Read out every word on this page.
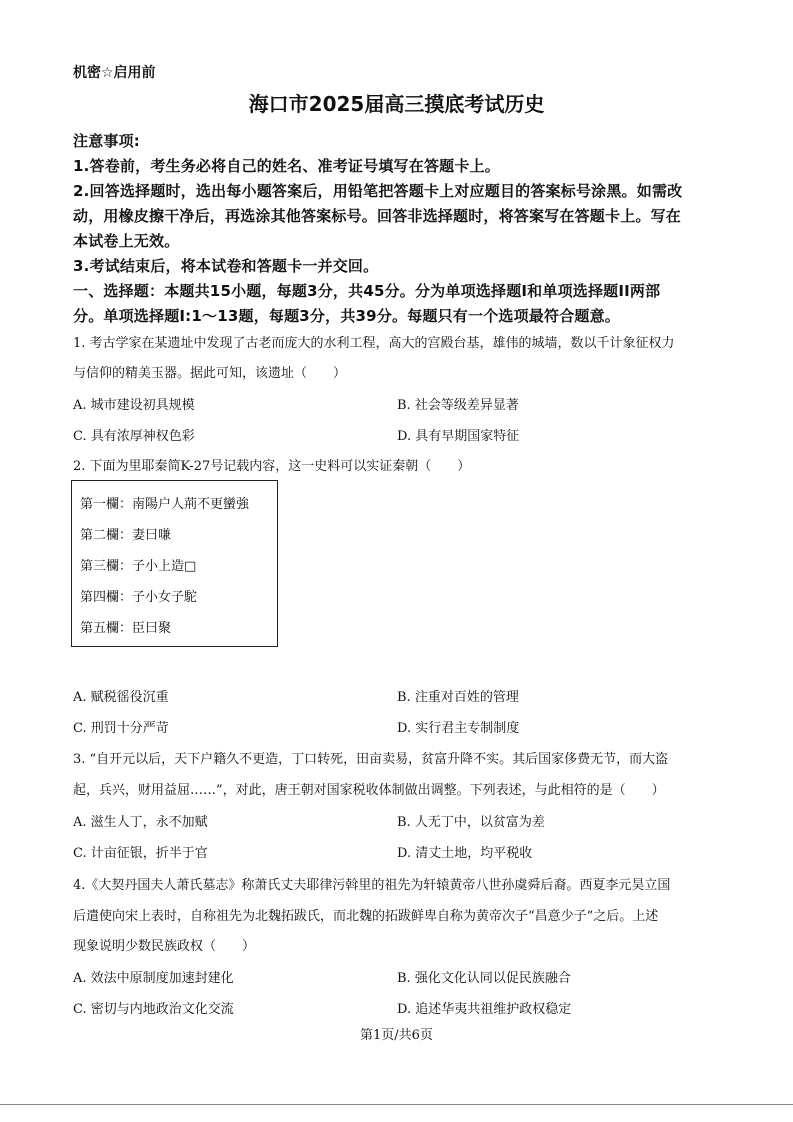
机密☆启用前
海口市2025届高三摸底考试历史
注意事项:
1.答卷前，考生务必将自己的姓名、准考证号填写在答题卡上。
2.回答选择题时，选出每小题答案后，用铅笔把答题卡上对应题目的答案标号涂黑。如需改
动，用橡皮擦干净后，再选涂其他答案标号。回答非选择题时，将答案写在答题卡上。写在
本试卷上无效。
3.考试结束后，将本试卷和答题卡一并交回。
一、选择题：本题共15小题，每题3分，共45分。分为单项选择题I和单项选择题II两部
分。单项选择题I:1～13题，每题3分，共39分。每题只有一个选项最符合题意。
1. 考古学家在某遗址中发现了古老而庞大的水利工程，高大的宫殿台基，雄伟的城墙，数以千计象征权力
与信仰的精美玉器。据此可知，该遗址（　　）
A. 城市建设初具规模	B. 社会等级差异显著
C. 具有浓厚神权色彩	D. 具有早期国家特征
2. 下面为里耶秦简K-27号记载内容，这一史料可以实证秦朝（　　）
第一欄：南陽户人荊不更蠻強
第二欄：妻曰嗛
第三欄：子小上造□
第四欄：子小女子駝
第五欄：臣曰聚
A. 赋税徭役沉重	B. 注重对百姓的管理
C. 刑罚十分严苛	D. 实行君主专制制度
3. “自开元以后，天下户籍久不更造，丁口转死，田亩卖易，贫富升降不实。其后国家侈费无节，而大盗
起，兵兴，财用益屈……”，对此，唐王朝对国家税收体制做出调整。下列表述，与此相符的是（　　）
A. 滋生人丁，永不加赋	B. 人无丁中，以贫富为差
C. 计亩征银，折半于官	D. 清丈土地，均平税收
4.《大契丹国夫人萧氏墓志》称萧氏丈夫耶律污斡里的祖先为轩辕黄帝八世孙虞舜后裔。西夏李元昊立国
后遣使向宋上表时，自称祖先为北魏拓跋氏，而北魏的拓跋鲜卑自称为黄帝次子“昌意少子”之后。上述
现象说明少数民族政权（　　）
A. 效法中原制度加速封建化	B. 强化文化认同以促民族融合
C. 密切与内地政治文化交流	D. 追述华夷共祖维护政权稳定
第1页/共6页
